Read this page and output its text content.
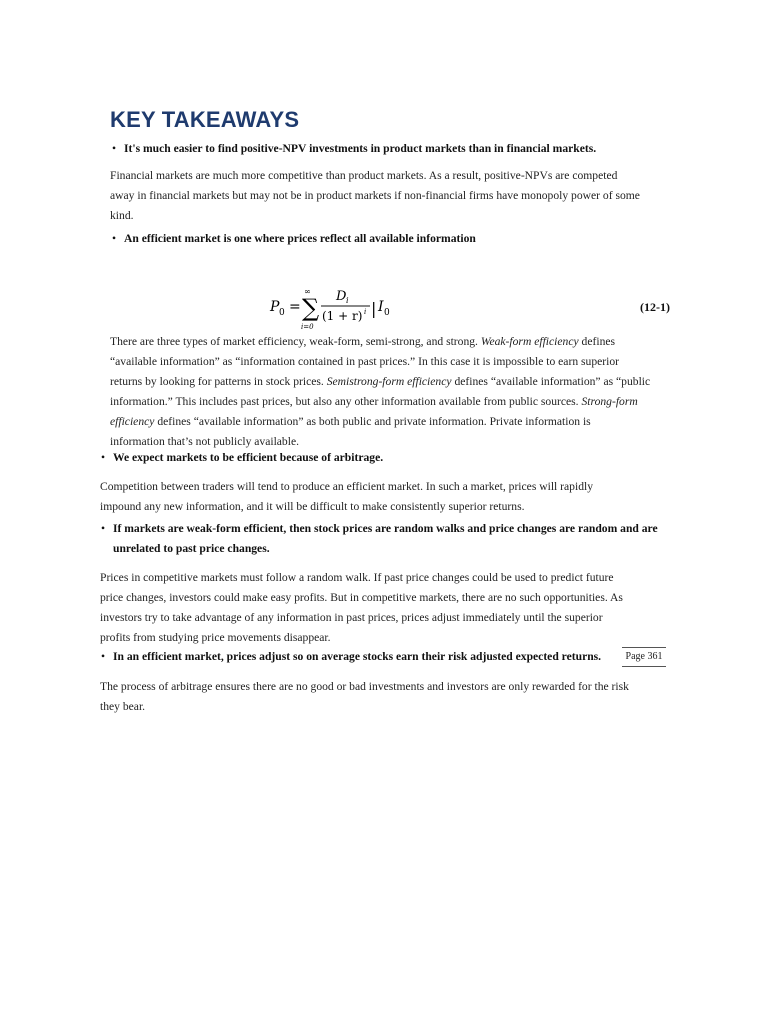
KEY TAKEAWAYS
• It's much easier to find positive-NPV investments in product markets than in financial markets.
Financial markets are much more competitive than product markets. As a result, positive-NPVs are competed
away in financial markets but may not be in product markets if non-financial firms have monopoly power of some
kind.
• An efficient market is one where prices reflect all available information
P 0 =
∞
∑
i=0
D i
(1 + r) i | I 0	(12-1)
There are three types of market efficiency, weak-form, semi-strong, and strong. Weak-form efficiency defines
“available information” as “information contained in past prices.” In this case it is impossible to earn superior
returns by looking for patterns in stock prices. Semistrong-form efficiency defines “available information” as “public
information.” This includes past prices, but also any other information available from public sources. Strong-form
efficiency defines “available information” as both public and private information. Private information is
information that’s not publicly available.
• We expect markets to be efficient because of arbitrage.
Competition between traders will tend to produce an efficient market. In such a market, prices will rapidly
impound any new information, and it will be difficult to make consistently superior returns.
• If markets are weak-form efficient, then stock prices are random walks and price changes are random and are
unrelated to past price changes.
Prices in competitive markets must follow a random walk. If past price changes could be used to predict future
price changes, investors could make easy profits. But in competitive markets, there are no such opportunities. As
investors try to take advantage of any information in past prices, prices adjust immediately until the superior
profits from studying price movements disappear.
• In an efficient market, prices adjust so on average stocks earn their risk adjusted expected returns.	Page 361
The process of arbitrage ensures there are no good or bad investments and investors are only rewarded for the risk
they bear.
